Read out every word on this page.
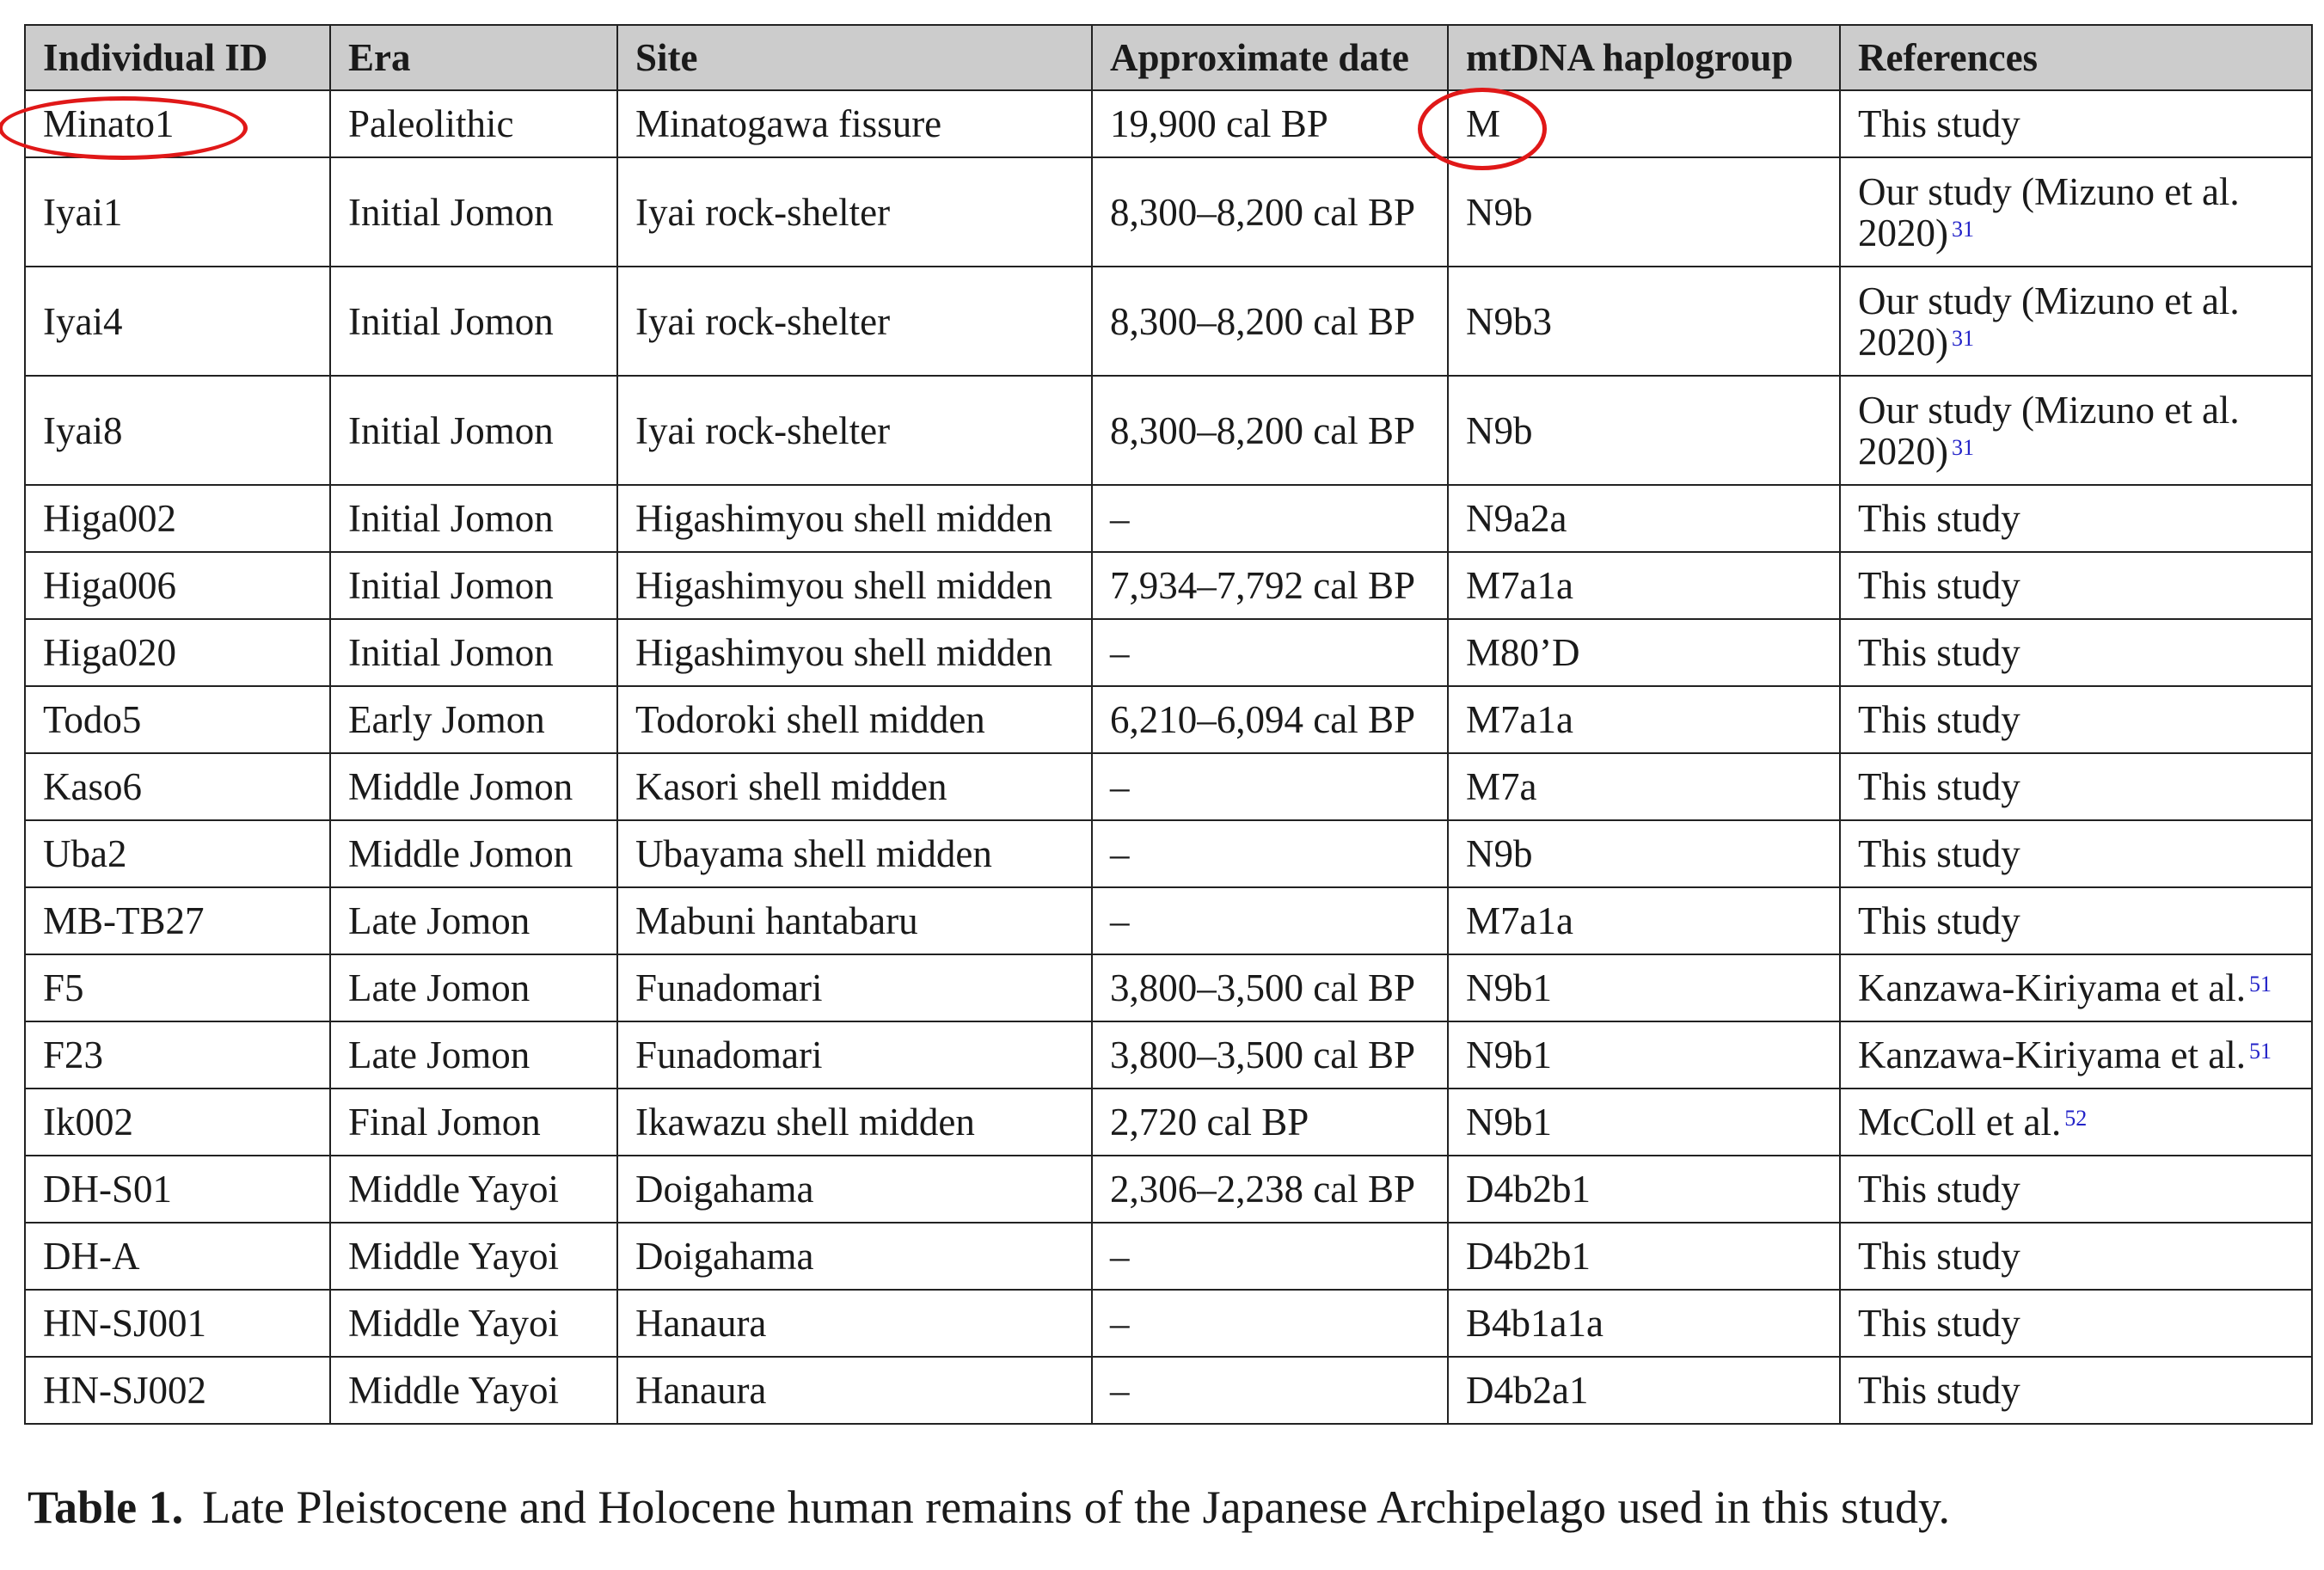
Individual ID	Era	Site	Approximate date	mtDNA haplogroup	References
Minato1	Paleolithic	Minatogawa fissure	19,900 cal BP	M	This study
Iyai1	Initial Jomon	Iyai rock-shelter	8,300–8,200 cal BP	N9b	Our study (Mizuno et al. 2020) $^{31}$
Iyai4	Initial Jomon	Iyai rock-shelter	8,300–8,200 cal BP	N9b3	Our study (Mizuno et al. 2020) $^{31}$
Iyai8	Initial Jomon	Iyai rock-shelter	8,300–8,200 cal BP	N9b	Our study (Mizuno et al. 2020) $^{31}$
Higa002	Initial Jomon	Higashimyou shell midden	–	N9a2a	This study
Higa006	Initial Jomon	Higashimyou shell midden	7,934–7,792 cal BP	M7a1a	This study
Higa020	Initial Jomon	Higashimyou shell midden	–	M80’D	This study
Todo5	Early Jomon	Todoroki shell midden	6,210–6,094 cal BP	M7a1a	This study
Kaso6	Middle Jomon	Kasori shell midden	–	M7a	This study
Uba2	Middle Jomon	Ubayama shell midden	–	N9b	This study
MB-TB27	Late Jomon	Mabuni hantabaru	–	M7a1a	This study
F5	Late Jomon	Funadomari	3,800–3,500 cal BP	N9b1	Kanzawa-Kiriyama et al. $^{51}$
F23	Late Jomon	Funadomari	3,800–3,500 cal BP	N9b1	Kanzawa-Kiriyama et al. $^{51}$
Ik002	Final Jomon	Ikawazu shell midden	2,720 cal BP	N9b1	McColl et al. $^{52}$
DH-S01	Middle Yayoi	Doigahama	2,306–2,238 cal BP	D4b2b1	This study
DH-A	Middle Yayoi	Doigahama	–	D4b2b1	This study
HN-SJ001	Middle Yayoi	Hanaura	–	B4b1a1a	This study
HN-SJ002	Middle Yayoi	Hanaura	–	D4b2a1	This study
Table 1. Late Pleistocene and Holocene human remains of the Japanese Archipelago used in this study.
